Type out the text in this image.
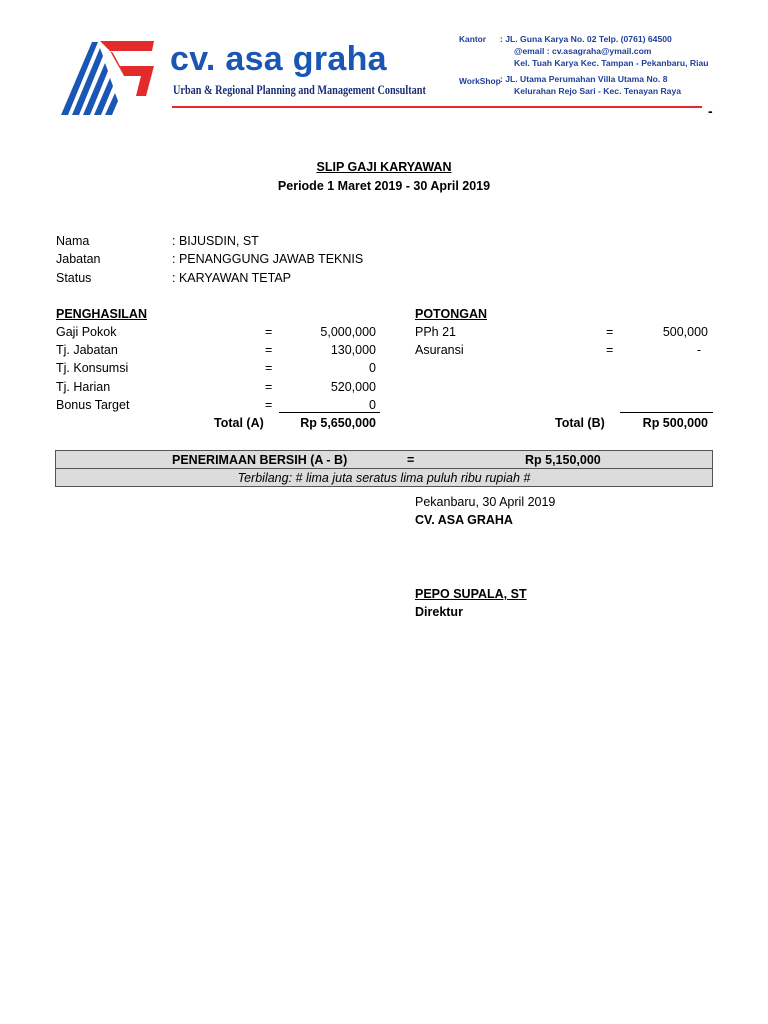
cv. asa graha
Urban & Regional Planning and Management Consultant
Kantor : JL. Guna Karya No. 02 Telp. (0761) 64500
@email : cv.asagraha@ymail.com
Kel. Tuah Karya Kec. Tampan - Pekanbaru, Riau
WorkShop : JL. Utama Perumahan Villa Utama No. 8
Kelurahan Rejo Sari - Kec. Tenayan Raya
-
SLIP GAJI KARYAWAN
Periode 1 Maret 2019 - 30 April 2019
Nama	: BIJUSDIN, ST
Jabatan	: PENANGGUNG JAWAB TEKNIS
Status	: KARYAWAN TETAP
PENGHASILAN
Gaji Pokok	=	5,000,000
Tj. Jabatan	=	130,000
Tj. Konsumsi	=	0
Tj. Harian	=	520,000
Bonus Target	=	0
Total (A)	Rp 5,650,000
POTONGAN
PPh 21	=	500,000
Asuransi	=	-
Total (B)	Rp 500,000
PENERIMAAN BERSIH (A - B)	=	Rp 5,150,000
Terbilang: # lima juta seratus lima puluh ribu rupiah #
Pekanbaru, 30 April 2019
CV. ASA GRAHA
PEPO SUPALA, ST
Direktur
